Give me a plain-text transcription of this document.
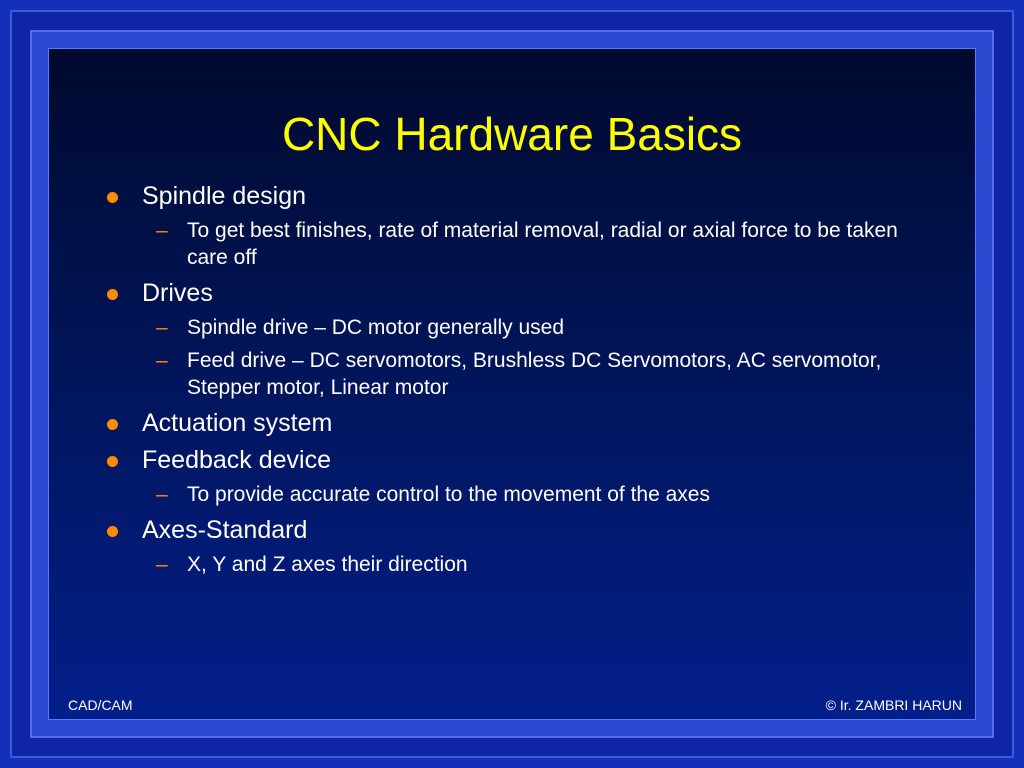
CNC Hardware Basics
Spindle design
– To get best finishes, rate of material removal, radial or axial force to be taken care off
Drives
– Spindle drive – DC motor generally used
– Feed drive – DC servomotors, Brushless DC Servomotors, AC servomotor, Stepper motor, Linear motor
Actuation system
Feedback device
– To provide accurate control to the movement of the axes
Axes-Standard
– X, Y and Z axes their direction
CAD/CAM	© Ir. ZAMBRI HARUN
